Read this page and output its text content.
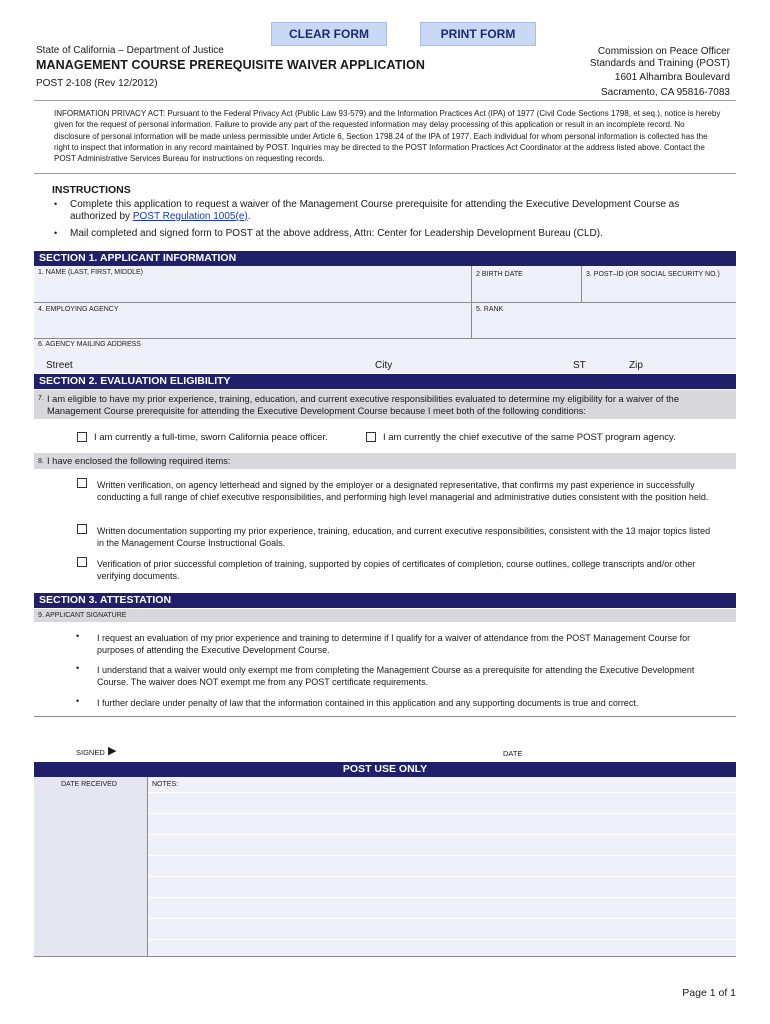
CLEAR FORM	PRINT FORM
State of California – Department of Justice
MANAGEMENT COURSE PREREQUISITE WAIVER APPLICATION
POST 2-108 (Rev 12/2012)
Commission on Peace Officer
Standards and Training (POST)
1601 Alhambra Boulevard
Sacramento, CA 95816-7083
INFORMATION PRIVACY ACT: Pursuant to the Federal Privacy Act (Public Law 93-579) and the Information Practices Act (IPA) of 1977 (Civil Code Sections 1798, et seq.), notice is hereby given for the request of personal information. Failure to provide any part of the requested information may delay processing of this application or result in an incomplete record. No disclosure of personal information will be made unless permissible under Article 6, Section 1798.24 of the IPA of 1977. Each individual for whom personal information is collected has the right to inspect that information in any record maintained by POST. Inquiries may be directed to the POST Information Practices Act Coordinator at the address listed above. Contact the POST Administrative Services Bureau for instructions on requesting records.
INSTRUCTIONS
• Complete this application to request a waiver of the Management Course prerequisite for attending the Executive Development Course as authorized by POST Regulation 1005(e).
• Mail completed and signed form to POST at the above address, Attn: Center for Leadership Development Bureau (CLD).
SECTION 1. APPLICANT INFORMATION
1. NAME (LAST, FIRST, MIDDLE)	2 BIRTH DATE	3. POST–ID (OR SOCIAL SECURITY NO.)
4. EMPLOYING AGENCY	5. RANK
6. AGENCY MAILING ADDRESS
Street	City	ST	Zip
SECTION 2. EVALUATION ELIGIBILITY
7. I am eligible to have my prior experience, training, education, and current executive responsibilities evaluated to determine my eligibility for a waiver of the Management Course prerequisite for attending the Executive Development Course because I meet both of the following conditions:
I am currently a full-time, sworn California peace officer.	I am currently the chief executive of the same POST program agency.
8. I have enclosed the following required items:
Written verification, on agency letterhead and signed by the employer or a designated representative, that confirms my past experience in successfully conducting a full range of chief executive responsibilities, and performing high level managerial and administrative duties consistent with the position held.
Written documentation supporting my prior experience, training, education, and current executive responsibilities, consistent with the 13 major topics listed in the Management Course Instructional Goals.
Verification of prior successful completion of training, supported by copies of certificates of completion, course outlines, college transcripts and/or other verifying documents.
SECTION 3. ATTESTATION
9. APPLICANT SIGNATURE
• I request an evaluation of my prior experience and training to determine if I qualify for a waiver of attendance from the POST Management Course for purposes of attending the Executive Development Course.
• I understand that a waiver would only exempt me from completing the Management Course as a prerequisite for attending the Executive Development Course. The waiver does NOT exempt me from any POST certificate requirements.
• I further declare under penalty of law that the information contained in this application and any supporting documents is true and correct.
SIGNED ▶	DATE
POST USE ONLY
DATE RECEIVED	NOTES:
Page 1 of 1
